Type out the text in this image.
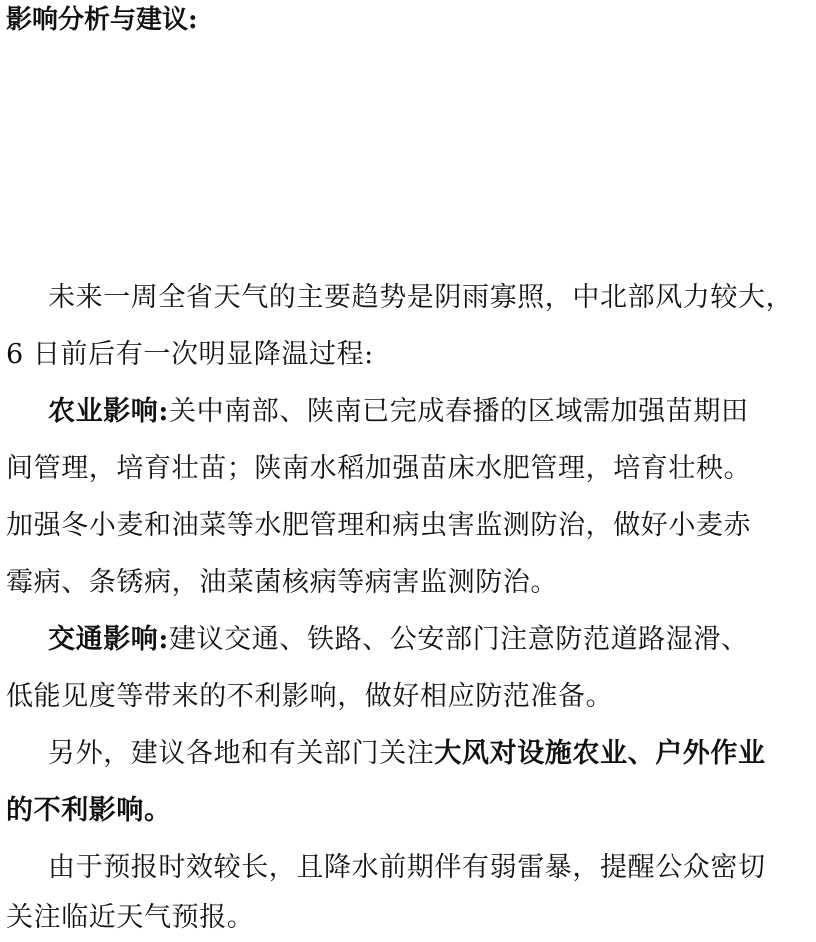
影响分析与建议:
未来一周全省天气的主要趋势是阴雨寡照，中北部风力较大，
6 日前后有一次明显降温过程:
农业影响:关中南部、陕南已完成春播的区域需加强苗期田
间管理，培育壮苗；陕南水稻加强苗床水肥管理，培育壮秧。
加强冬小麦和油菜等水肥管理和病虫害监测防治，做好小麦赤
霉病、条锈病，油菜菌核病等病害监测防治。
交通影响:建议交通、铁路、公安部门注意防范道路湿滑、
低能见度等带来的不利影响，做好相应防范准备。
另外，建议各地和有关部门关注大风对设施农业、户外作业
的不利影响。
由于预报时效较长，且降水前期伴有弱雷暴，提醒公众密切
关注临近天气预报。
